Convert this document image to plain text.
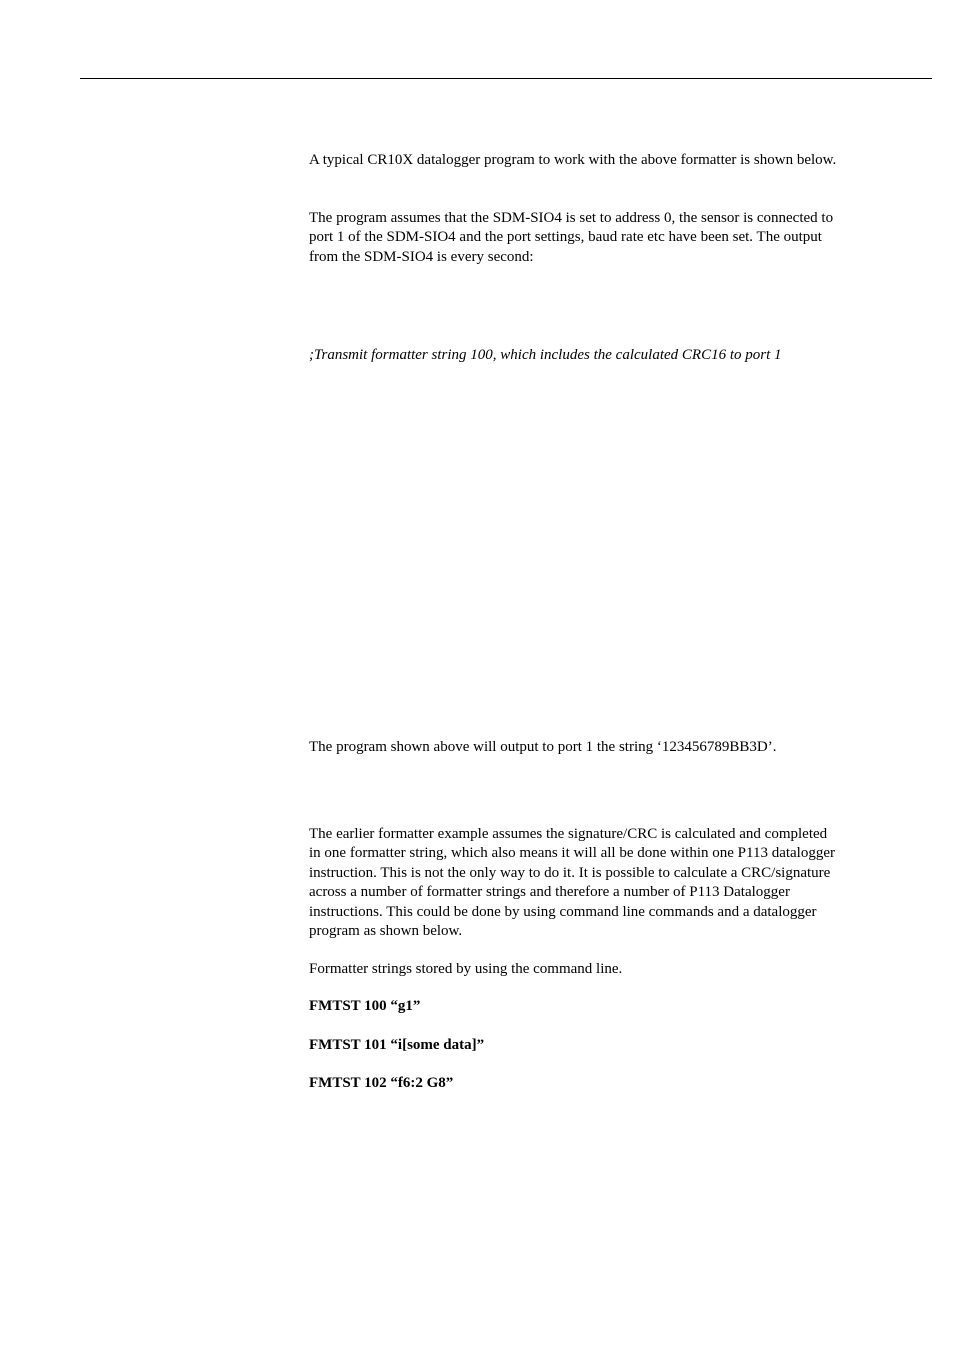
A typical CR10X datalogger program to work with the above formatter is shown below.

The program assumes that the SDM-SIO4 is set to address 0, the sensor is connected to port 1 of the SDM-SIO4 and the port settings, baud rate etc have been set. The output from the SDM-SIO4 is every second:

;Transmit formatter string 100, which includes the calculated CRC16 to port 1

The program shown above will output to port 1 the string ‘123456789BB3D’.

The earlier formatter example assumes the signature/CRC is calculated and completed in one formatter string, which also means it will all be done within one P113 datalogger instruction. This is not the only way to do it. It is possible to calculate a CRC/signature across a number of formatter strings and therefore a number of P113 Datalogger instructions. This could be done by using command line commands and a datalogger program as shown below.

Formatter strings stored by using the command line.

FMTST 100 “g1”

FMTST 101 “i[some data]”

FMTST 102 “f6:2 G8”
